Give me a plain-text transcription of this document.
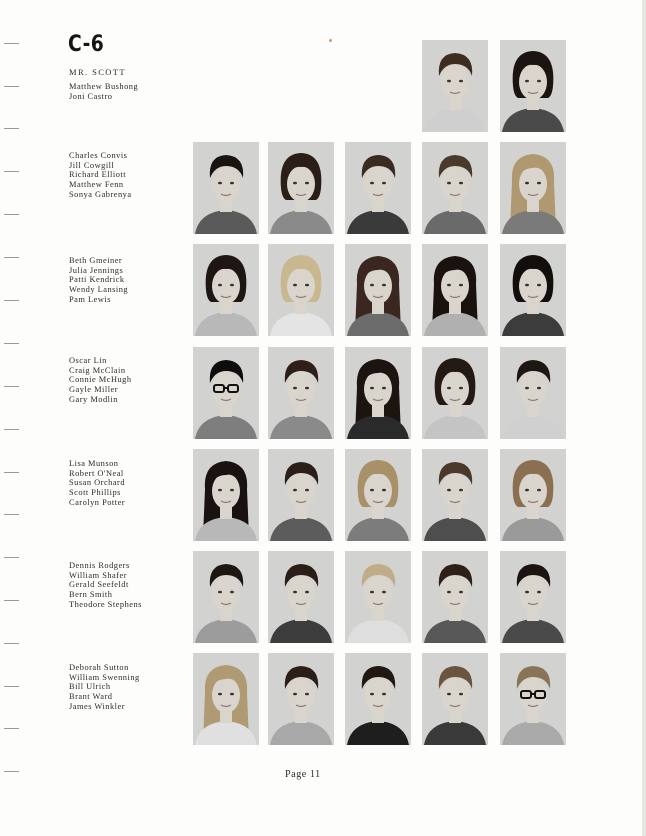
C-6
MR. SCOTT
Matthew Bushong
Joni Castro
Charles Convis
Jill Cowgill
Richard Elliott
Matthew Fenn
Sonya Gabrenya
Beth Gmeiner
Julia Jennings
Patti Kendrick
Wendy Lansing
Pam Lewis
Oscar Lin
Craig McClain
Connie McHugh
Gayle Miller
Gary Modlin
Lisa Munson
Robert O'Neal
Susan Orchard
Scott Phillips
Carolyn Potter
Dennis Rodgers
William Shafer
Gerald Seefeldt
Bern Smith
Theodore Stephens
Deborah Sutton
William Swenning
Bill Ulrich
Brant Ward
James Winkler
Page 11
